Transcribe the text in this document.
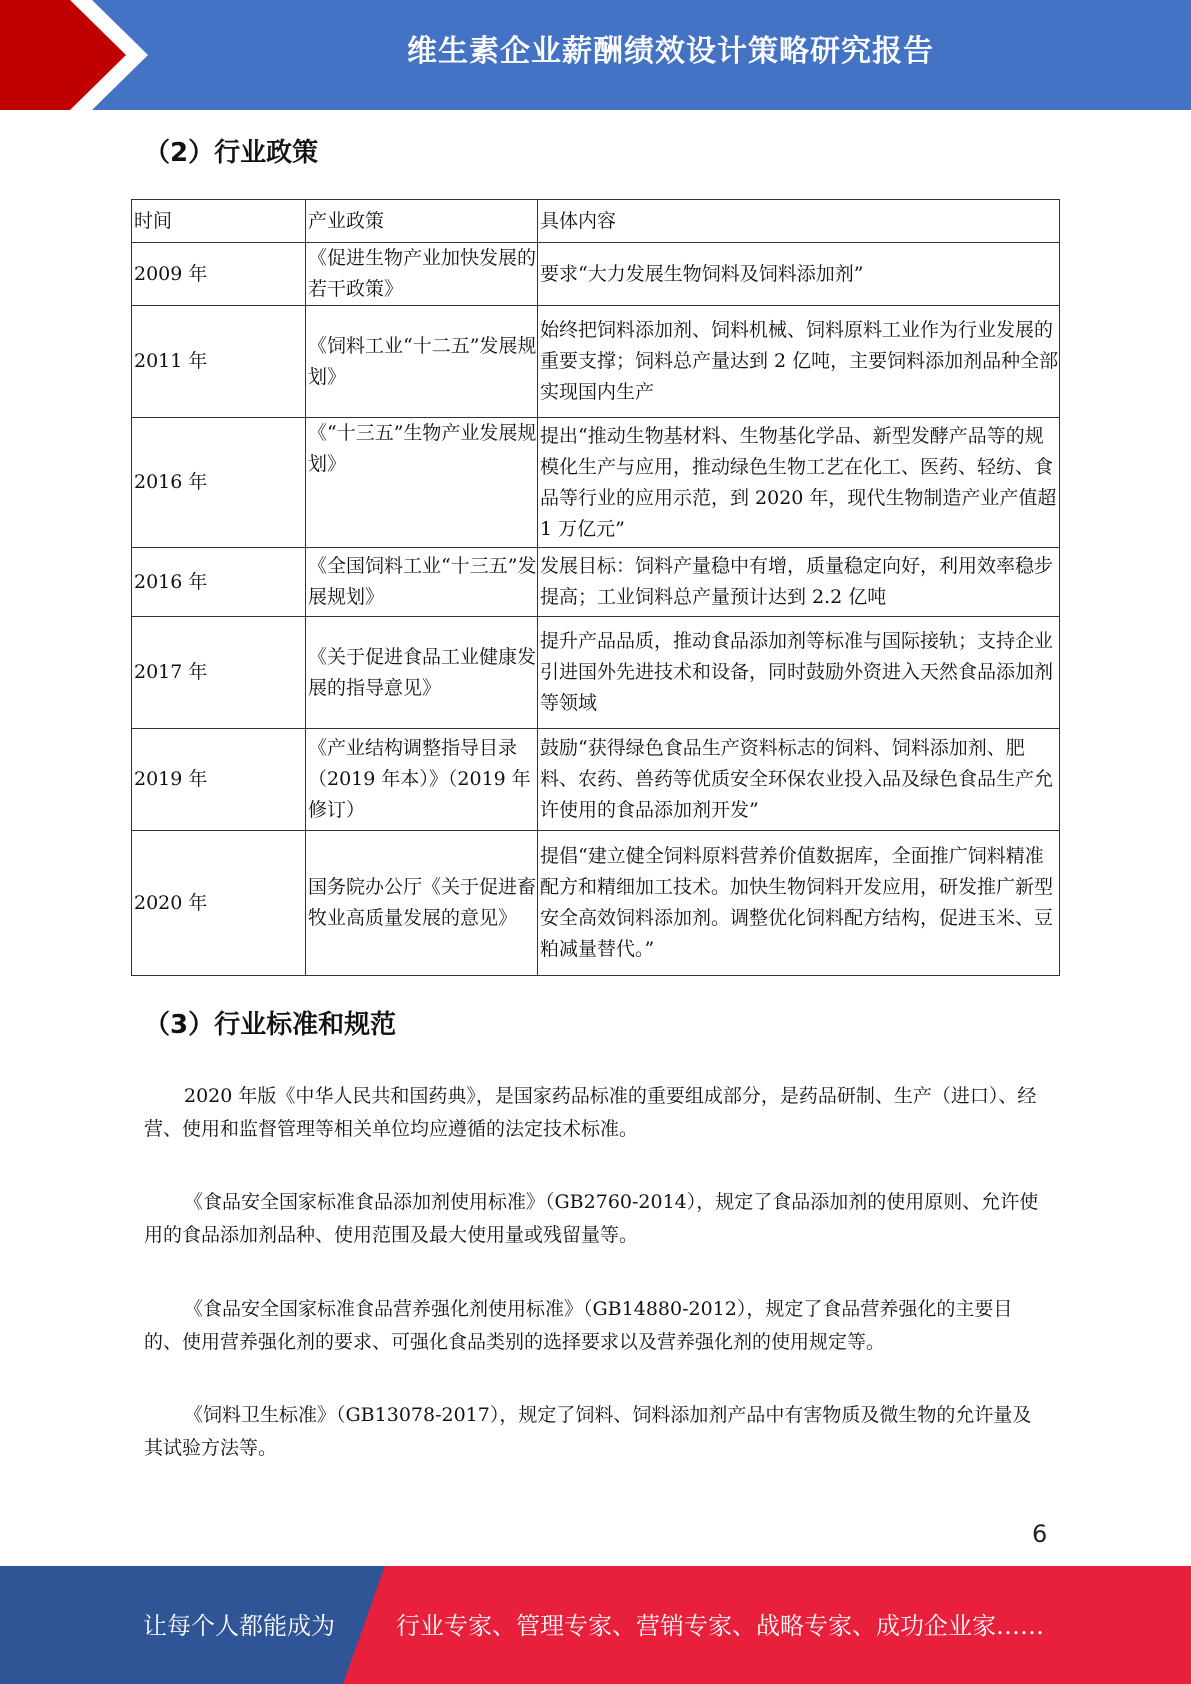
维生素企业薪酬绩效设计策略研究报告
（2）行业政策
时间	产业政策	具体内容
2009 年	《促进生物产业加快发展的若干政策》	要求“大力发展生物饲料及饲料添加剂”
2011 年	《饲料工业“十二五”发展规划》	始终把饲料添加剂、饲料机械、饲料原料工业作为行业发展的重要支撑；饲料总产量达到 2 亿吨，主要饲料添加剂品种全部实现国内生产
2016 年	《“十三五”生物产业发展规划》	提出“推动生物基材料、生物基化学品、新型发酵产品等的规模化生产与应用，推动绿色生物工艺在化工、医药、轻纺、食品等行业的应用示范，到 2020 年，现代生物制造产业产值超 1 万亿元”
2016 年	《全国饲料工业“十三五”发展规划》	发展目标：饲料产量稳中有增，质量稳定向好，利用效率稳步提高；工业饲料总产量预计达到 2.2 亿吨
2017 年	《关于促进食品工业健康发展的指导意见》	提升产品品质，推动食品添加剂等标准与国际接轨；支持企业引进国外先进技术和设备，同时鼓励外资进入天然食品添加剂等领域
2019 年	《产业结构调整指导目录（2019 年本）》（2019 年修订）	鼓励“获得绿色食品生产资料标志的饲料、饲料添加剂、肥料、农药、兽药等优质安全环保农业投入品及绿色食品生产允许使用的食品添加剂开发”
2020 年	国务院办公厅《关于促进畜牧业高质量发展的意见》	提倡“建立健全饲料原料营养价值数据库，全面推广饲料精准配方和精细加工技术。加快生物饲料开发应用，研发推广新型安全高效饲料添加剂。调整优化饲料配方结构，促进玉米、豆粕减量替代。”
（3）行业标准和规范

2020 年版《中华人民共和国药典》，是国家药品标准的重要组成部分，是药品研制、生产（进口）、经营、使用和监督管理等相关单位均应遵循的法定技术标准。

《食品安全国家标准食品添加剂使用标准》（GB2760-2014），规定了食品添加剂的使用原则、允许使用的食品添加剂品种、使用范围及最大使用量或残留量等。

《食品安全国家标准食品营养强化剂使用标准》（GB14880-2012），规定了食品营养强化的主要目的、使用营养强化剂的要求、可强化食品类别的选择要求以及营养强化剂的使用规定等。

《饲料卫生标准》（GB13078-2017），规定了饲料、饲料添加剂产品中有害物质及微生物的允许量及其试验方法等。

6
让每个人都能成为	行业专家、管理专家、营销专家、战略专家、成功企业家……
